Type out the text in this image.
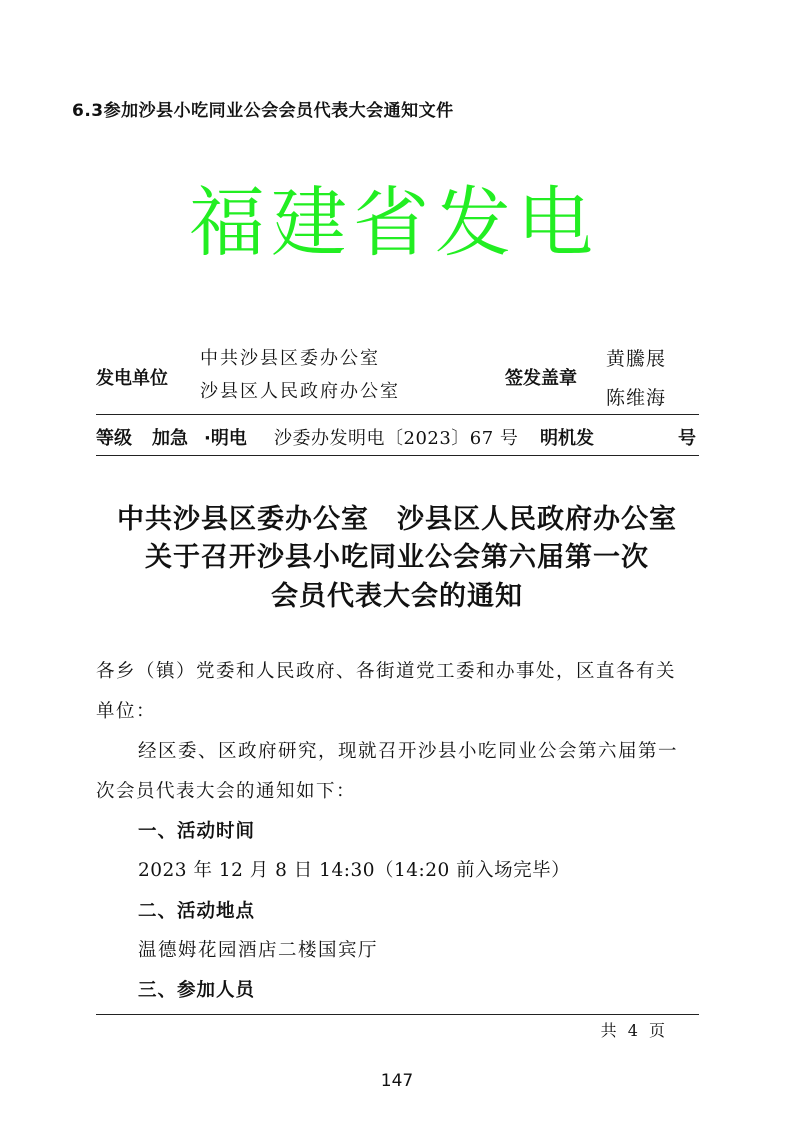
6.3参加沙县小吃同业公会会员代表大会通知文件
福建省发电
发电单位
中共沙县区委办公室
沙县区人民政府办公室
签发盖章
黄騰展
陈维海
等级 加急 ·明电 沙委办发明电〔2023〕67 号 明机发	号
中共沙县区委办公室　沙县区人民政府办公室
关于召开沙县小吃同业公会第六届第一次
会员代表大会的通知
各乡（镇）党委和人民政府、各街道党工委和办事处，区直各有关
单位：
经区委、区政府研究，现就召开沙县小吃同业公会第六届第一
次会员代表大会的通知如下：
一、活动时间
2023 年 12 月 8 日 14:30（14:20 前入场完毕）
二、活动地点
温德姆花园酒店二楼国宾厅
三、参加人员
共 4 页
147
